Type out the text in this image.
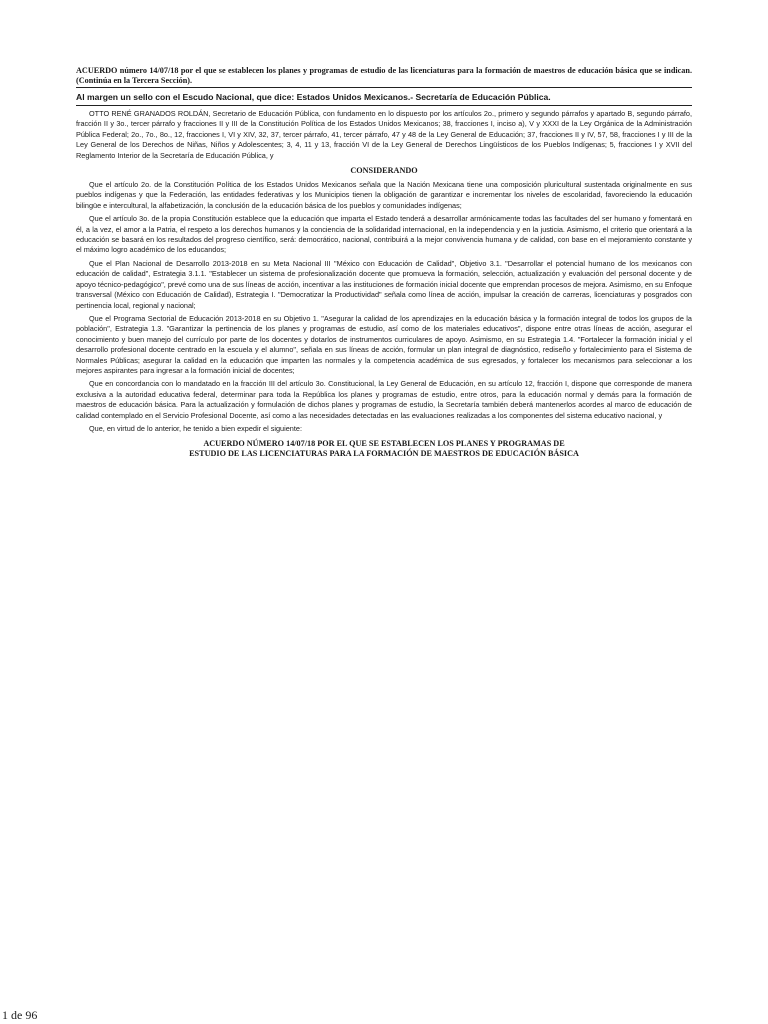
ACUERDO número 14/07/18 por el que se establecen los planes y programas de estudio de las licenciaturas para la formación de maestros de educación básica que se indican. (Continúa en la Tercera Sección).
Al margen un sello con el Escudo Nacional, que dice: Estados Unidos Mexicanos.- Secretaría de Educación Pública.

OTTO RENÉ GRANADOS ROLDÁN, Secretario de Educación Pública, con fundamento en lo dispuesto por los artículos 2o., primero y segundo párrafos y apartado B, segundo párrafo, fracción II y 3o., tercer párrafo y fracciones II y III de la Constitución Política de los Estados Unidos Mexicanos; 38, fracciones I, inciso a), V y XXXI de la Ley Orgánica de la Administración Pública Federal; 2o., 7o., 8o., 12, fracciones I, VI y XIV, 32, 37, tercer párrafo, 41, tercer párrafo, 47 y 48 de la Ley General de Educación; 37, fracciones II y IV, 57, 58, fracciones I y III de la Ley General de los Derechos de Niñas, Niños y Adolescentes; 3, 4, 11 y 13, fracción VI de la Ley General de Derechos Lingüísticos de los Pueblos Indígenas; 5, fracciones I y XVII del Reglamento Interior de la Secretaría de Educación Pública, y

CONSIDERANDO

Que el artículo 2o. de la Constitución Política de los Estados Unidos Mexicanos señala que la Nación Mexicana tiene una composición pluricultural sustentada originalmente en sus pueblos indígenas y que la Federación, las entidades federativas y los Municipios tienen la obligación de garantizar e incrementar los niveles de escolaridad, favoreciendo la educación bilingüe e intercultural, la alfabetización, la conclusión de la educación básica de los pueblos y comunidades indígenas;

Que el artículo 3o. de la propia Constitución establece que la educación que imparta el Estado tenderá a desarrollar armónicamente todas las facultades del ser humano y fomentará en él, a la vez, el amor a la Patria, el respeto a los derechos humanos y la conciencia de la solidaridad internacional, en la independencia y en la justicia. Asimismo, el criterio que orientará a la educación se basará en los resultados del progreso científico, será: democrático, nacional, contribuirá a la mejor convivencia humana y de calidad, con base en el mejoramiento constante y el máximo logro académico de los educandos;

Que el Plan Nacional de Desarrollo 2013-2018 en su Meta Nacional III "México con Educación de Calidad", Objetivo 3.1. "Desarrollar el potencial humano de los mexicanos con educación de calidad", Estrategia 3.1.1. "Establecer un sistema de profesionalización docente que promueva la formación, selección, actualización y evaluación del personal docente y de apoyo técnico-pedagógico", prevé como una de sus líneas de acción, incentivar a las instituciones de formación inicial docente que emprendan procesos de mejora. Asimismo, en su Enfoque transversal (México con Educación de Calidad), Estrategia I. "Democratizar la Productividad" señala como línea de acción, impulsar la creación de carreras, licenciaturas y posgrados con pertinencia local, regional y nacional;

Que el Programa Sectorial de Educación 2013-2018 en su Objetivo 1. "Asegurar la calidad de los aprendizajes en la educación básica y la formación integral de todos los grupos de la población", Estrategia 1.3. "Garantizar la pertinencia de los planes y programas de estudio, así como de los materiales educativos", dispone entre otras líneas de acción, asegurar el conocimiento y buen manejo del currículo por parte de los docentes y dotarlos de instrumentos curriculares de apoyo. Asimismo, en su Estrategia 1.4. "Fortalecer la formación inicial y el desarrollo profesional docente centrado en la escuela y el alumno", señala en sus líneas de acción, formular un plan integral de diagnóstico, rediseño y fortalecimiento para el Sistema de Normales Públicas; asegurar la calidad en la educación que imparten las normales y la competencia académica de sus egresados, y fortalecer los mecanismos para seleccionar a los mejores aspirantes para ingresar a la formación inicial de docentes;

Que en concordancia con lo mandatado en la fracción III del artículo 3o. Constitucional, la Ley General de Educación, en su artículo 12, fracción I, dispone que corresponde de manera exclusiva a la autoridad educativa federal, determinar para toda la República los planes y programas de estudio, entre otros, para la educación normal y demás para la formación de maestros de educación básica. Para la actualización y formulación de dichos planes y programas de estudio, la Secretaría también deberá mantenerlos acordes al marco de educación de calidad contemplado en el Servicio Profesional Docente, así como a las necesidades detectadas en las evaluaciones realizadas a los componentes del sistema educativo nacional, y

Que, en virtud de lo anterior, he tenido a bien expedir el siguiente:

ACUERDO NÚMERO 14/07/18 POR EL QUE SE ESTABLECEN LOS PLANES Y PROGRAMAS DE
ESTUDIO DE LAS LICENCIATURAS PARA LA FORMACIÓN DE MAESTROS DE EDUCACIÓN BÁSICA
1 de 96
